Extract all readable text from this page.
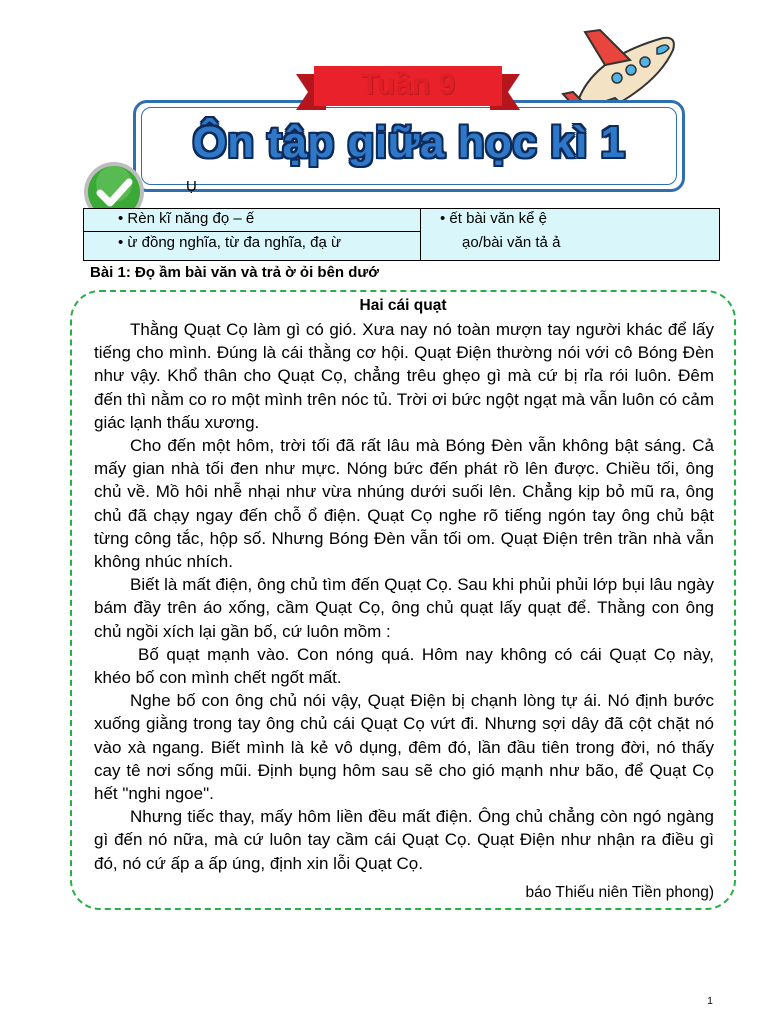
Tuần 9
Ôn tập giữa học kì 1
Ụ
• Rèn kĩ năng đọ – ế
• ừ đồng nghĩa, từ đa nghĩa, đạ ừ
• ết bài văn kể ệ
ạo/bài văn tả ả
Bài 1: Đọ ầm bài văn và trả ờ ỏi bên dướ
Hai cái quạt

Thằng Quạt Cọ làm gì có gió. Xưa nay nó toàn mượn tay người khác để lấy tiếng cho mình. Đúng là cái thằng cơ hội. Quạt Điện thường nói với cô Bóng Đèn như vậy. Khổ thân cho Quạt Cọ, chẳng trêu ghẹo gì mà cứ bị rỉa rói luôn. Đêm đến thì nằm co ro một mình trên nóc tủ. Trời ơi bức ngột ngạt mà vẫn luôn có cảm giác lạnh thấu xương.

Cho đến một hôm, trời tối đã rất lâu mà Bóng Đèn vẫn không bật sáng. Cả mấy gian nhà tối đen như mực. Nóng bức đến phát rồ lên được. Chiều tối, ông chủ về. Mồ hôi nhễ nhại như vừa nhúng dưới suối lên. Chẳng kịp bỏ mũ ra, ông chủ đã chạy ngay đến chỗ ổ điện. Quạt Cọ nghe rõ tiếng ngón tay ông chủ bật từng công tắc, hộp số. Nhưng Bóng Đèn vẫn tối om. Quạt Điện trên trần nhà vẫn không nhúc nhích.

Biết là mất điện, ông chủ tìm đến Quạt Cọ. Sau khi phủi phủi lớp bụi lâu ngày bám đầy trên áo xống, cầm Quạt Cọ, ông chủ quạt lấy quạt để. Thằng con ông chủ ngồi xích lại gần bố, cứ luôn mồm :

Bố quạt mạnh vào. Con nóng quá. Hôm nay không có cái Quạt Cọ này, khéo bố con mình chết ngốt mất.

Nghe bố con ông chủ nói vậy, Quạt Điện bị chạnh lòng tự ái. Nó định bước xuống giằng trong tay ông chủ cái Quạt Cọ vứt đi. Nhưng sợi dây đã cột chặt nó vào xà ngang. Biết mình là kẻ vô dụng, đêm đó, lần đầu tiên trong đời, nó thấy cay tê nơi sống mũi. Định bụng hôm sau sẽ cho gió mạnh như bão, để Quạt Cọ hết "nghi ngoe".

Nhưng tiếc thay, mấy hôm liền đều mất điện. Ông chủ chẳng còn ngó ngàng gì đến nó nữa, mà cứ luôn tay cầm cái Quạt Cọ. Quạt Điện như nhận ra điều gì đó, nó cứ ấp a ấp úng, định xin lỗi Quạt Cọ.

báo Thiếu niên Tiền phong)
1
